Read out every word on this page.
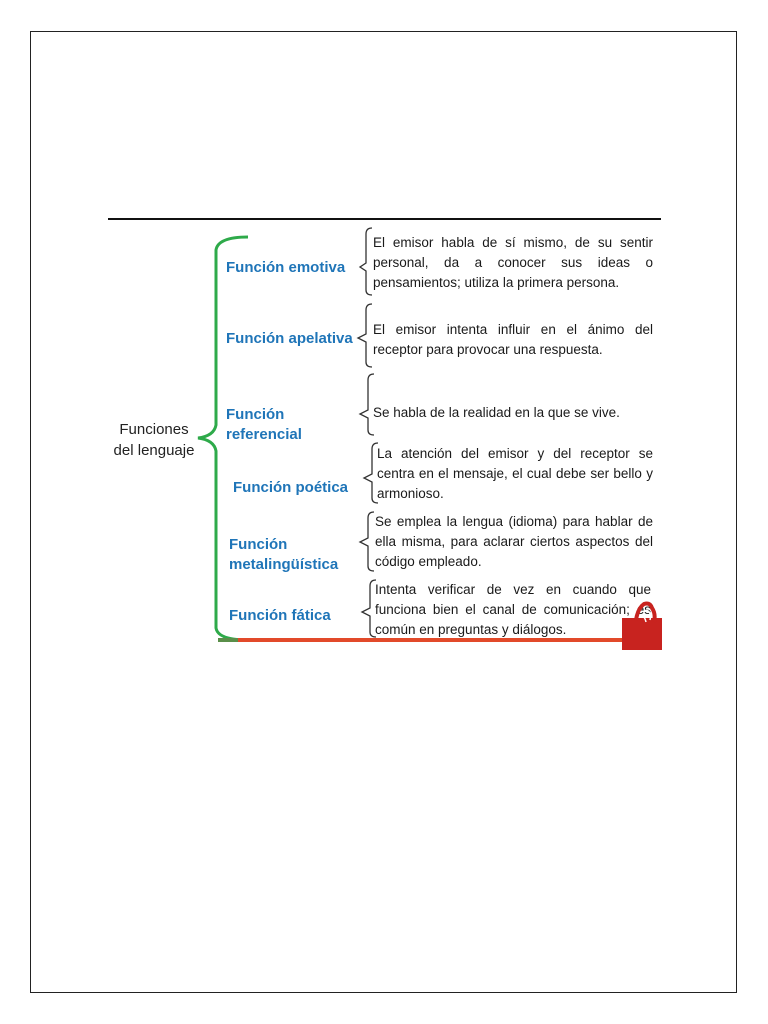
Funciones
del lenguaje
Función emotiva
Función apelativa
Función
referencial
Función poética
Función
metalingüística
Función fática
El emisor habla de sí mismo, de su sentir personal, da a conocer sus ideas o pensamientos; utiliza la primera persona.
El emisor intenta influir en el ánimo del receptor para provocar una respuesta.
Se habla de la realidad en la que se vive.
La atención del emisor y del receptor se centra en el mensaje, el cual debe ser bello y armonioso.
Se emplea la lengua (idioma) para hablar de ella misma, para aclarar ciertos aspectos del código empleado.
Intenta verificar de vez en cuando que funciona bien el canal de comunicación; es común en preguntas y diálogos.
